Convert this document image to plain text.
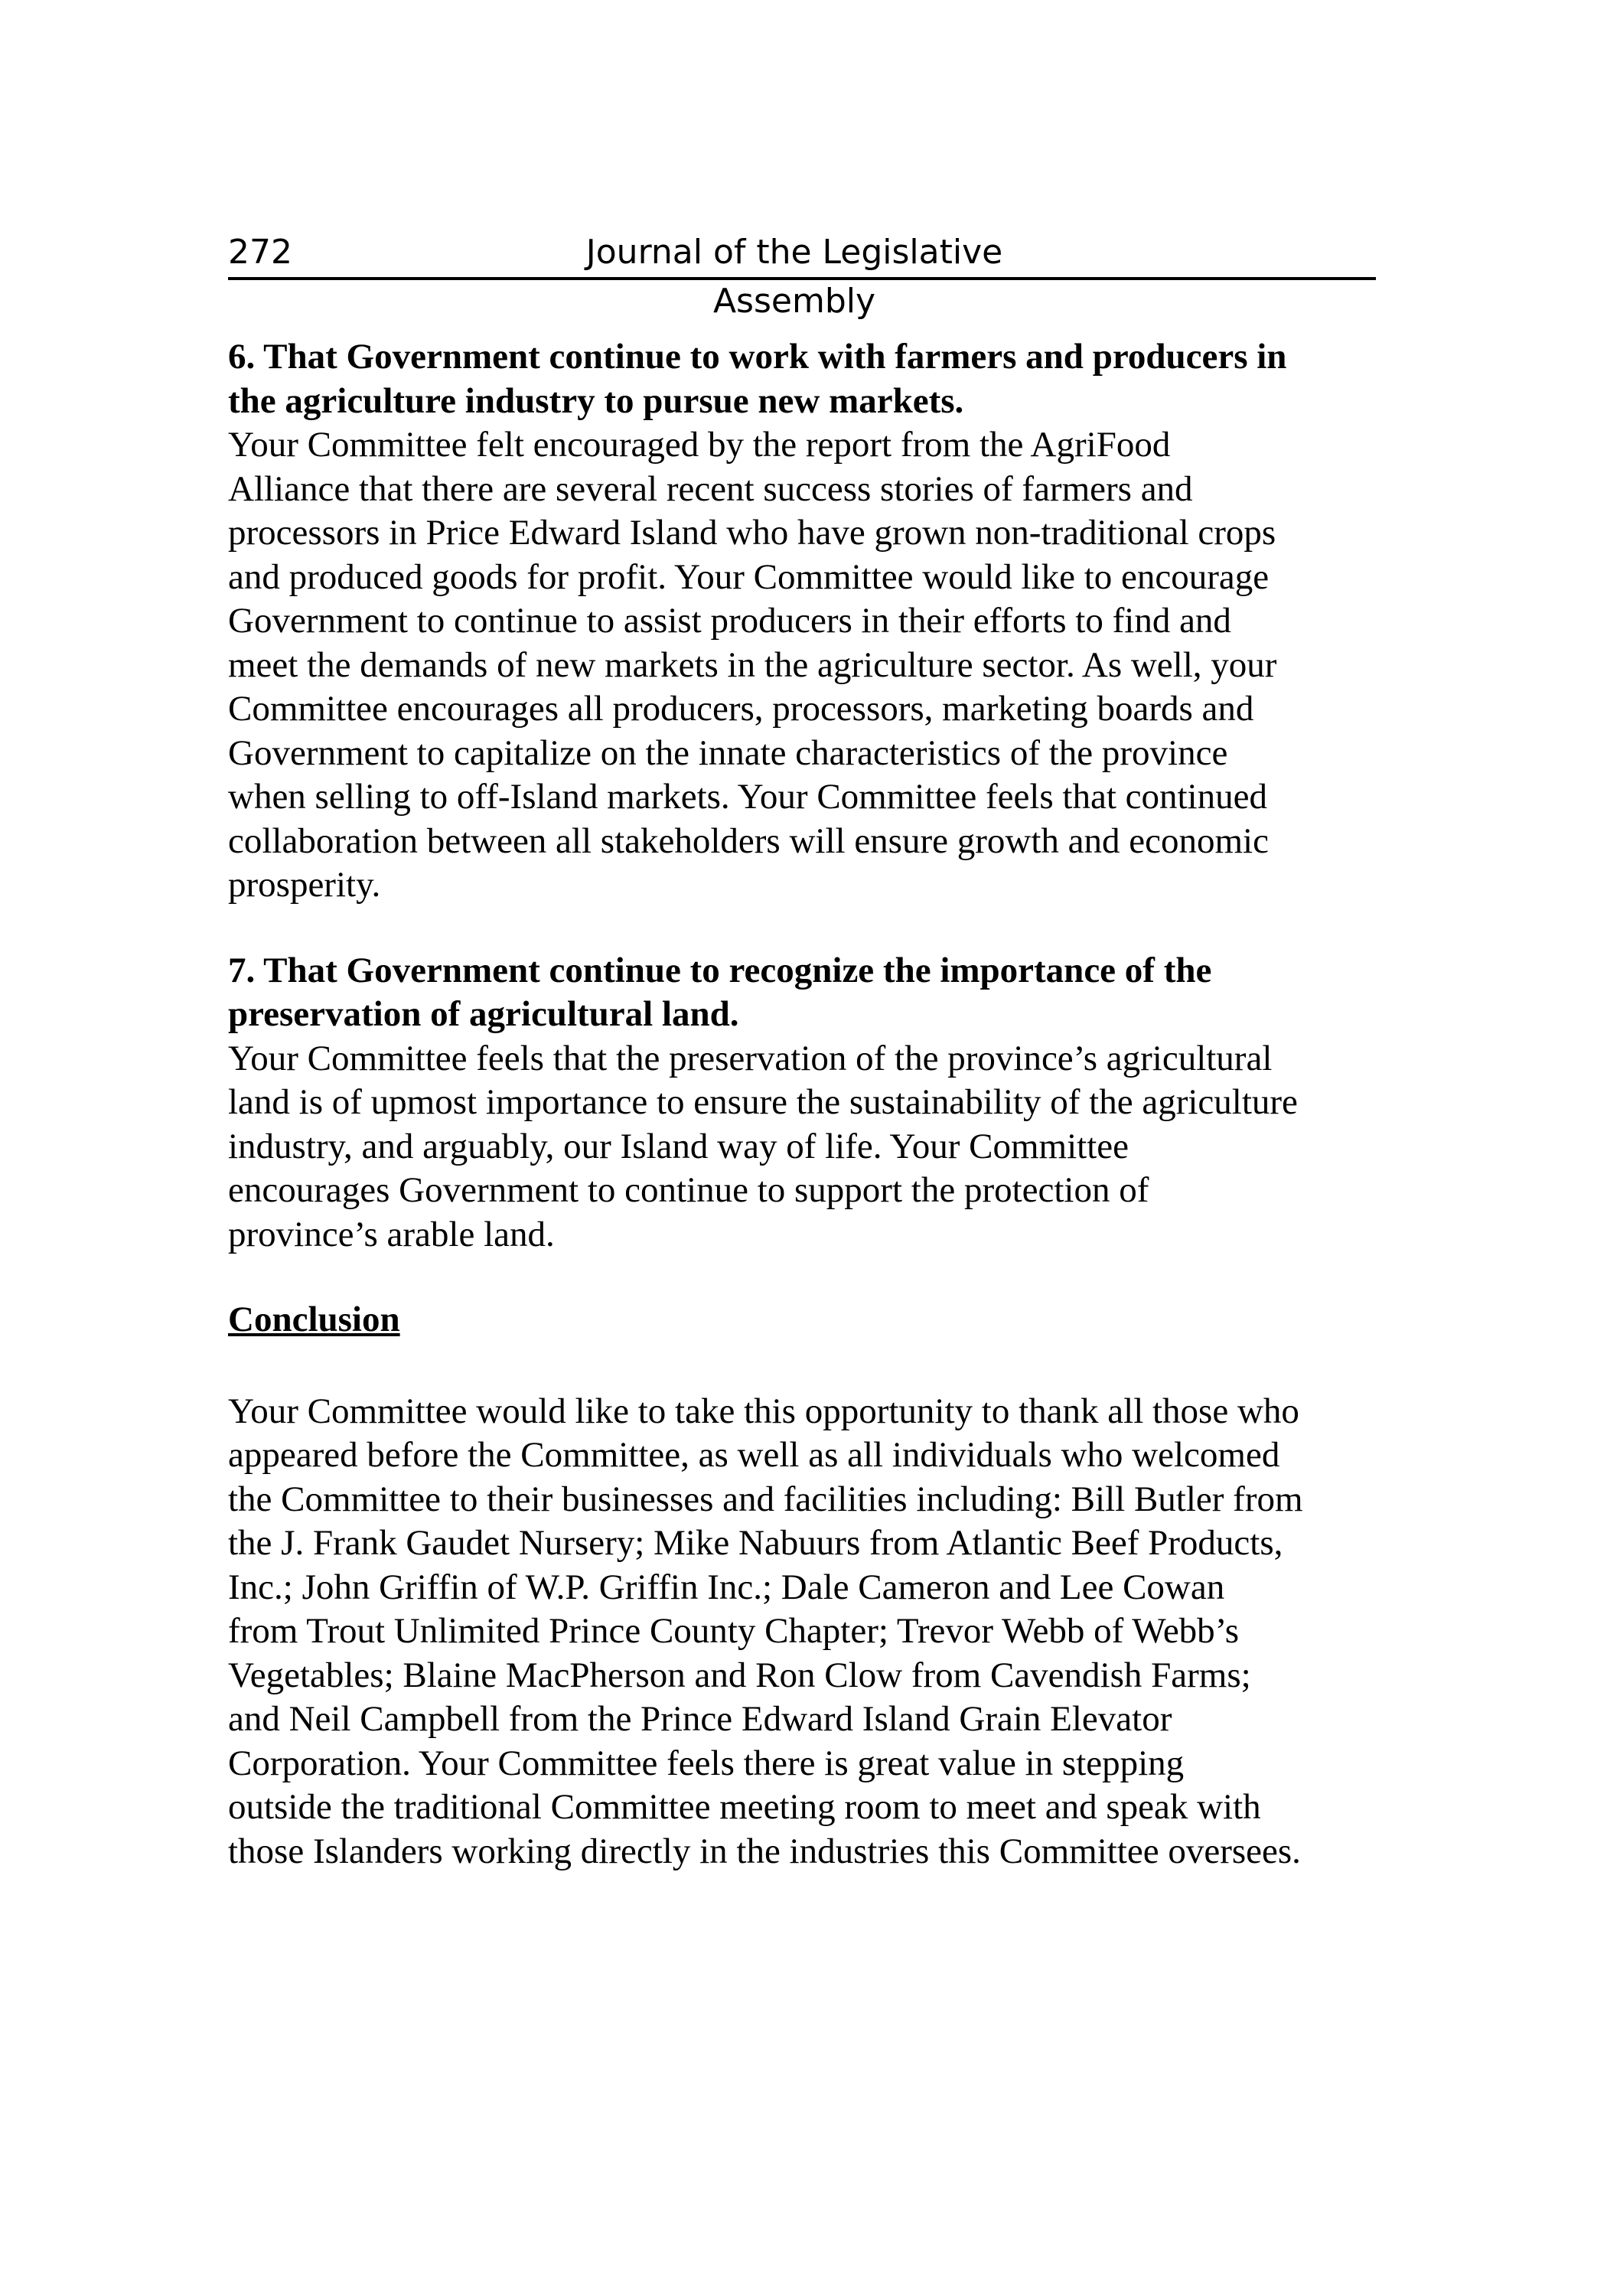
272	Journal of the Legislative Assembly
6. That Government continue to work with farmers and producers in
the agriculture industry to pursue new markets.
Your Committee felt encouraged by the report from the AgriFood
Alliance that there are several recent success stories of farmers and
processors in Price Edward Island who have grown non-traditional crops
and produced goods for profit. Your Committee would like to encourage
Government to continue to assist producers in their efforts to find and
meet the demands of new markets in the agriculture sector. As well, your
Committee encourages all producers, processors, marketing boards and
Government to capitalize on the innate characteristics of the province
when selling to off-Island markets. Your Committee feels that continued
collaboration between all stakeholders will ensure growth and economic
prosperity.
7. That Government continue to recognize the importance of the
preservation of agricultural land.
Your Committee feels that the preservation of the province’s agricultural
land is of upmost importance to ensure the sustainability of the agriculture
industry, and arguably, our Island way of life. Your Committee
encourages Government to continue to support the protection of
province’s arable land.
Conclusion
Your Committee would like to take this opportunity to thank all those who
appeared before the Committee, as well as all individuals who welcomed
the Committee to their businesses and facilities including: Bill Butler from
the J. Frank Gaudet Nursery; Mike Nabuurs from Atlantic Beef Products,
Inc.; John Griffin of W.P. Griffin Inc.; Dale Cameron and Lee Cowan
from Trout Unlimited Prince County Chapter; Trevor Webb of Webb’s
Vegetables; Blaine MacPherson and Ron Clow from Cavendish Farms;
and Neil Campbell from the Prince Edward Island Grain Elevator
Corporation. Your Committee feels there is great value in stepping
outside the traditional Committee meeting room to meet and speak with
those Islanders working directly in the industries this Committee oversees.
